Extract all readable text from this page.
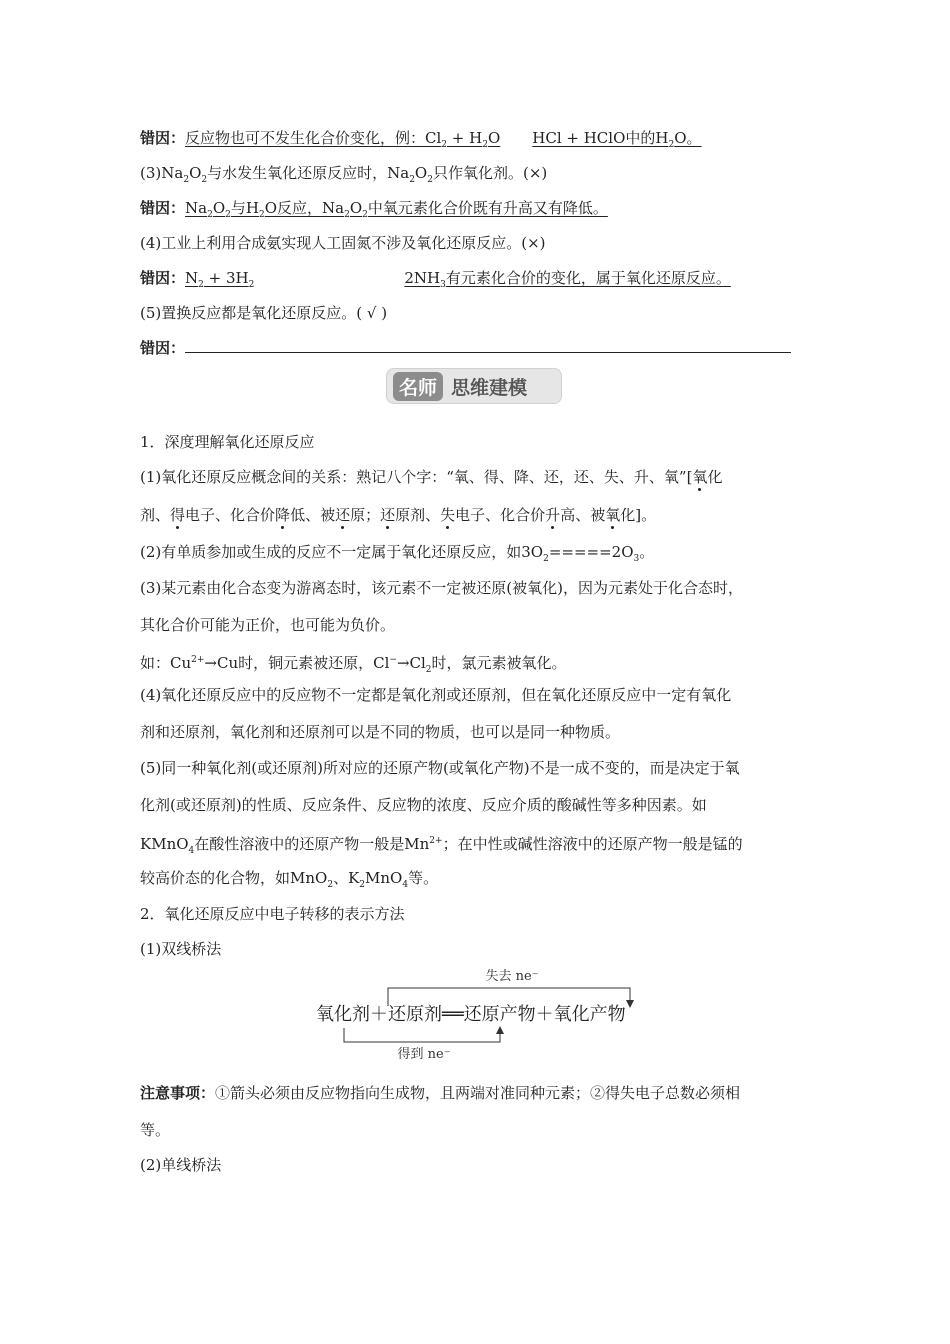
错因：反应物也可不发生化合价变化，例：$Cl_2 + H_2O$ HCl + HClO中的$H_2O$。
$(3)Na_2O_2$与水发生氧化还原反应时，$Na_2O_2$只作氧化剂。(×)
错因：$Na_2O_2$与$H_2O$反应，$Na_2O_2$中氧元素化合价既有升高又有降低。
(4)工业上利用合成氨实现人工固氮不涉及氧化还原反应。(×)
错因：$N_2 + 3H_2$	$2NH_3$有元素化合价的变化，属于氧化还原反应。
(5)置换反应都是氧化还原反应。( √ )
错因：
名师 思维建模
1．深度理解氧化还原反应
(1)氧化还原反应概念间的关系：熟记八个字：“氧、得、降、还，还、失、升、氧”[氧化
剂、得电子、化合价降低、被还原；还原剂、失电子、化合价升高、被氧化]。
(2)有单质参加或生成的反应不一定属于氧化还原反应，如$3O_2=====2O_3$。
(3)某元素由化合态变为游离态时，该元素不一定被还原(被氧化)，因为元素处于化合态时，
其化合价可能为正价，也可能为负价。
如：$Cu^{2+}\to Cu$时，铜元素被还原，$Cl^-\to Cl_2$时，氯元素被氧化。
(4)氧化还原反应中的反应物不一定都是氧化剂或还原剂，但在氧化还原反应中一定有氧化
剂和还原剂，氧化剂和还原剂可以是不同的物质，也可以是同一种物质。
(5)同一种氧化剂(或还原剂)所对应的还原产物(或氧化产物)不是一成不变的，而是决定于氧
化剂(或还原剂)的性质、反应条件、反应物的浓度、反应介质的酸碱性等多种因素。如
KMnO$_4$在酸性溶液中的还原产物一般是$Mn^{2+}$；在中性或碱性溶液中的还原产物一般是锰的
较高价态的化合物，如MnO$_2$、$K_2MnO_4$等。
2．氧化还原反应中电子转移的表示方法
(1)双线桥法
失去 ne⁻
氧化剂＋还原剂══还原产物＋氧化产物
得到 ne⁻
注意事项：①箭头必须由反应物指向生成物，且两端对准同种元素；②得失电子总数必须相
等。
(2)单线桥法
